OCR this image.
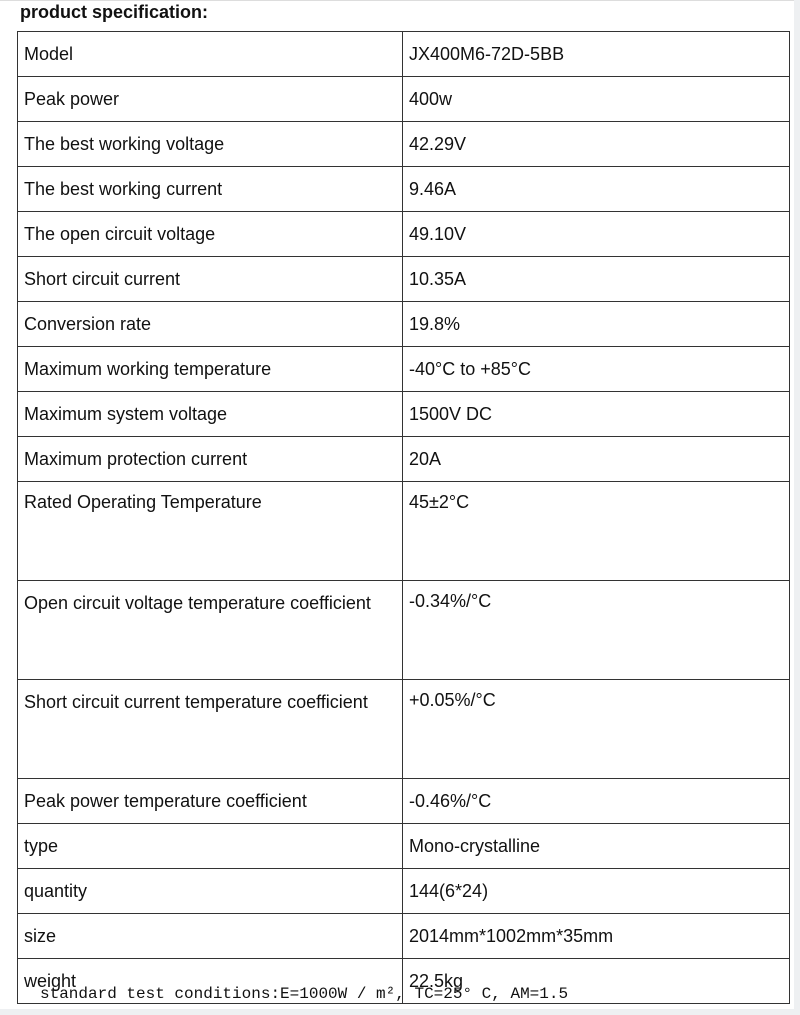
product specification:
Model	JX400M6-72D-5BB
Peak power	400w
The best working voltage	42.29V
The best working current	9.46A
The open circuit voltage	49.10V
Short circuit current	10.35A
Conversion rate	19.8%
Maximum working temperature	-40°C to +85°C
Maximum system voltage	1500V DC
Maximum protection current	20A
Rated Operating Temperature	45±2°C
Open circuit voltage temperature coefficient	-0.34%/°C
Short circuit current temperature coefficient	+0.05%/°C
Peak power temperature coefficient	-0.46%/°C
type	Mono-crystalline
quantity	144(6*24)
size	2014mm*1002mm*35mm
weight	22.5kg
standard test conditions:E=1000W / m², TC=25° C, AM=1.5
